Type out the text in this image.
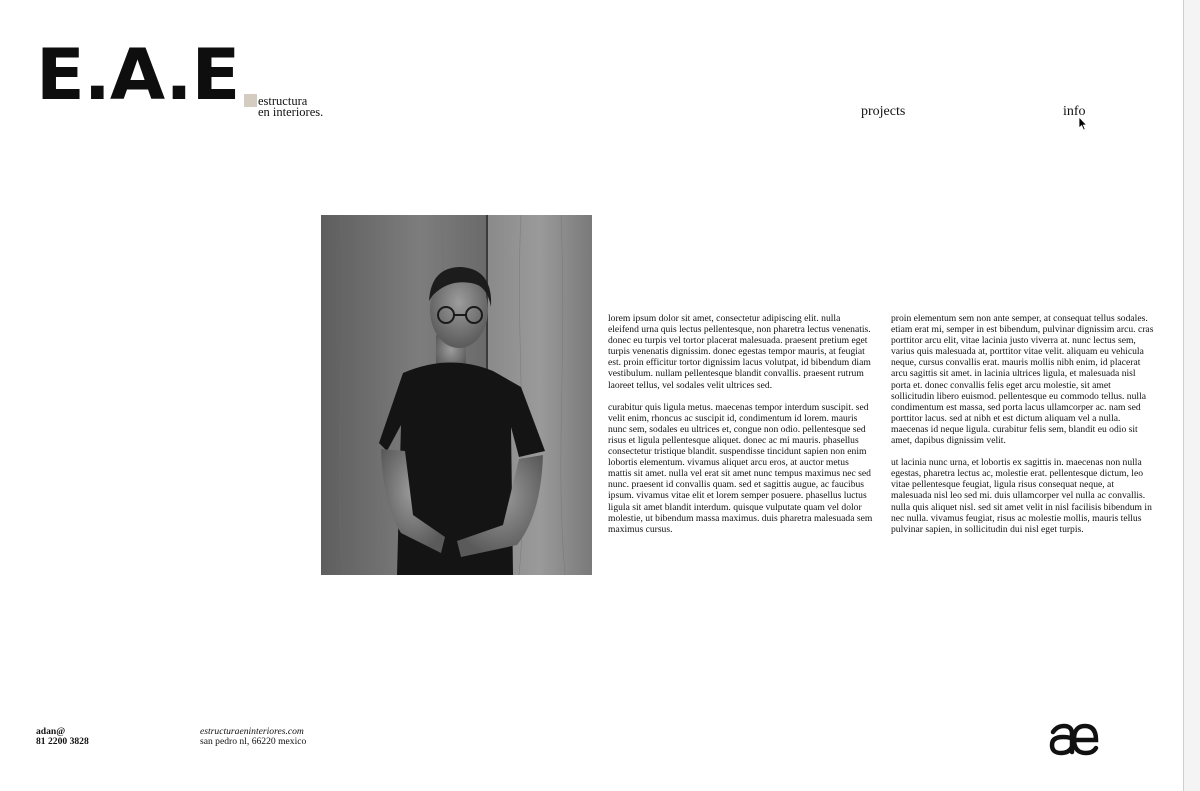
E.A.E estructura
en interiores.	projects	info

lorem ipsum dolor sit amet, consectetur adipiscing elit. nulla eleifend urna quis lectus pellentesque, non pharetra lectus venenatis. donec eu turpis vel tortor placerat malesuada. praesent pretium eget turpis venenatis dignissim. donec egestas tempor mauris, at feugiat est. proin efficitur tortor dignissim lacus volutpat, id bibendum diam vestibulum. nullam pellentesque blandit convallis. praesent rutrum laoreet tellus, vel sodales velit ultrices sed.

curabitur quis ligula metus. maecenas tempor interdum suscipit. sed velit enim, rhoncus ac suscipit id, condimentum id lorem. mauris nunc sem, sodales eu ultrices et, congue non odio. pellentesque sed risus et ligula pellentesque aliquet. donec ac mi mauris. phasellus consectetur tristique blandit. suspendisse tincidunt sapien non enim lobortis elementum. vivamus aliquet arcu eros, at auctor metus mattis sit amet. nulla vel erat sit amet nunc tempus maximus nec sed nunc. praesent id convallis quam. sed et sagittis augue, ac faucibus ipsum. vivamus vitae elit et lorem semper posuere. phasellus luctus ligula sit amet blandit interdum. quisque vulputate quam vel dolor molestie, ut bibendum massa maximus. duis pharetra malesuada sem maximus cursus.

proin elementum sem non ante semper, at consequat tellus sodales. etiam erat mi, semper in est bibendum, pulvinar dignissim arcu. cras porttitor arcu elit, vitae lacinia justo viverra at. nunc lectus sem, varius quis malesuada at, porttitor vitae velit. aliquam eu vehicula neque, cursus convallis erat. mauris mollis nibh enim, id placerat arcu sagittis sit amet. in lacinia ultrices ligula, et malesuada nisl porta et. donec convallis felis eget arcu molestie, sit amet sollicitudin libero euismod. pellentesque eu commodo tellus. nulla condimentum est massa, sed porta lacus ullamcorper ac. nam sed porttitor lacus. sed at nibh et est dictum aliquam vel a nulla. maecenas id neque ligula. curabitur felis sem, blandit eu odio sit amet, dapibus dignissim velit.

ut lacinia nunc urna, et lobortis ex sagittis in. maecenas non nulla egestas, pharetra lectus ac, molestie erat. pellentesque dictum, leo vitae pellentesque feugiat, ligula risus consequat neque, at malesuada nisl leo sed mi. duis ullamcorper vel nulla ac convallis. nulla quis aliquet nisl. sed sit amet velit in nisl facilisis bibendum in nec nulla. vivamus feugiat, risus ac molestie mollis, mauris tellus pulvinar sapien, in sollicitudin dui nisl eget turpis.

adan@
81 2200 3828
estructuraeninteriores.com
san pedro nl, 66220 mexico
